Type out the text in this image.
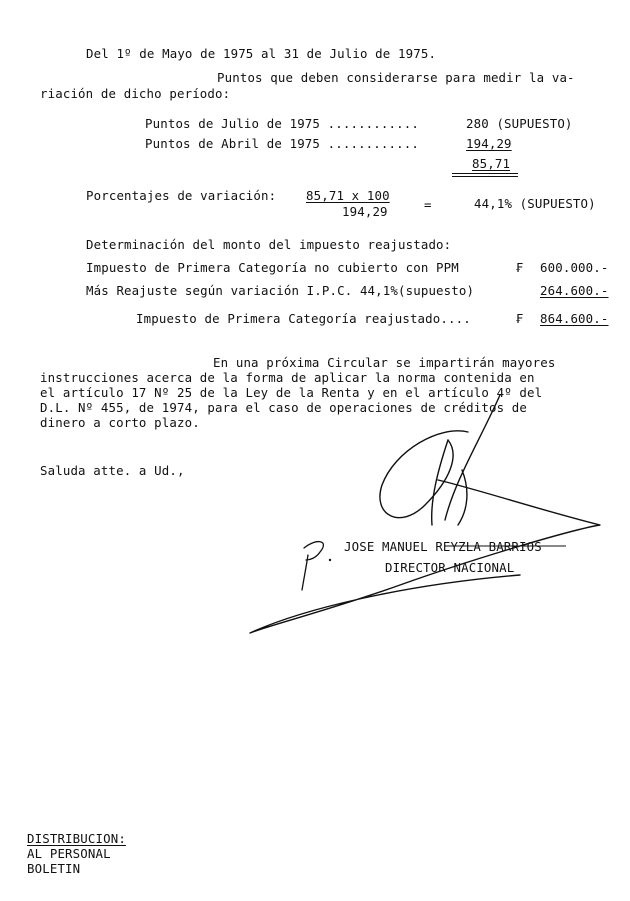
Del 1º de Mayo de 1975 al 31 de Julio de 1975.
Puntos que deben considerarse para medir la va-
riación de dicho período:
Puntos de Julio de 1975 ............	280 (SUPUESTO)
Puntos de Abril de 1975 ............	194,29
85,71
Porcentajes de variación: 85,71 x 100
194,29	=	44,1% (SUPUESTO)
Determinación del monto del impuesto reajustado:
Impuesto de Primera Categoría no cubierto con PPM	₣ 600.000.-
Más Reajuste según variación I.P.C. 44,1%(supuesto)	264.600.-
Impuesto de Primera Categoría reajustado....	₣ 864.600.-
En una próxima Circular se impartirán mayores
instrucciones acerca de la forma de aplicar la norma contenida en
el artículo 17 Nº 25 de la Ley de la Renta y en el artículo 4º del
D.L. Nº 455, de 1974, para el caso de operaciones de créditos de
dinero a corto plazo.
Saluda atte. a Ud.,
JOSE MANUEL REYZLA BARRIOS
DIRECTOR NACIONAL
DISTRIBUCION:
AL PERSONAL
BOLETIN
